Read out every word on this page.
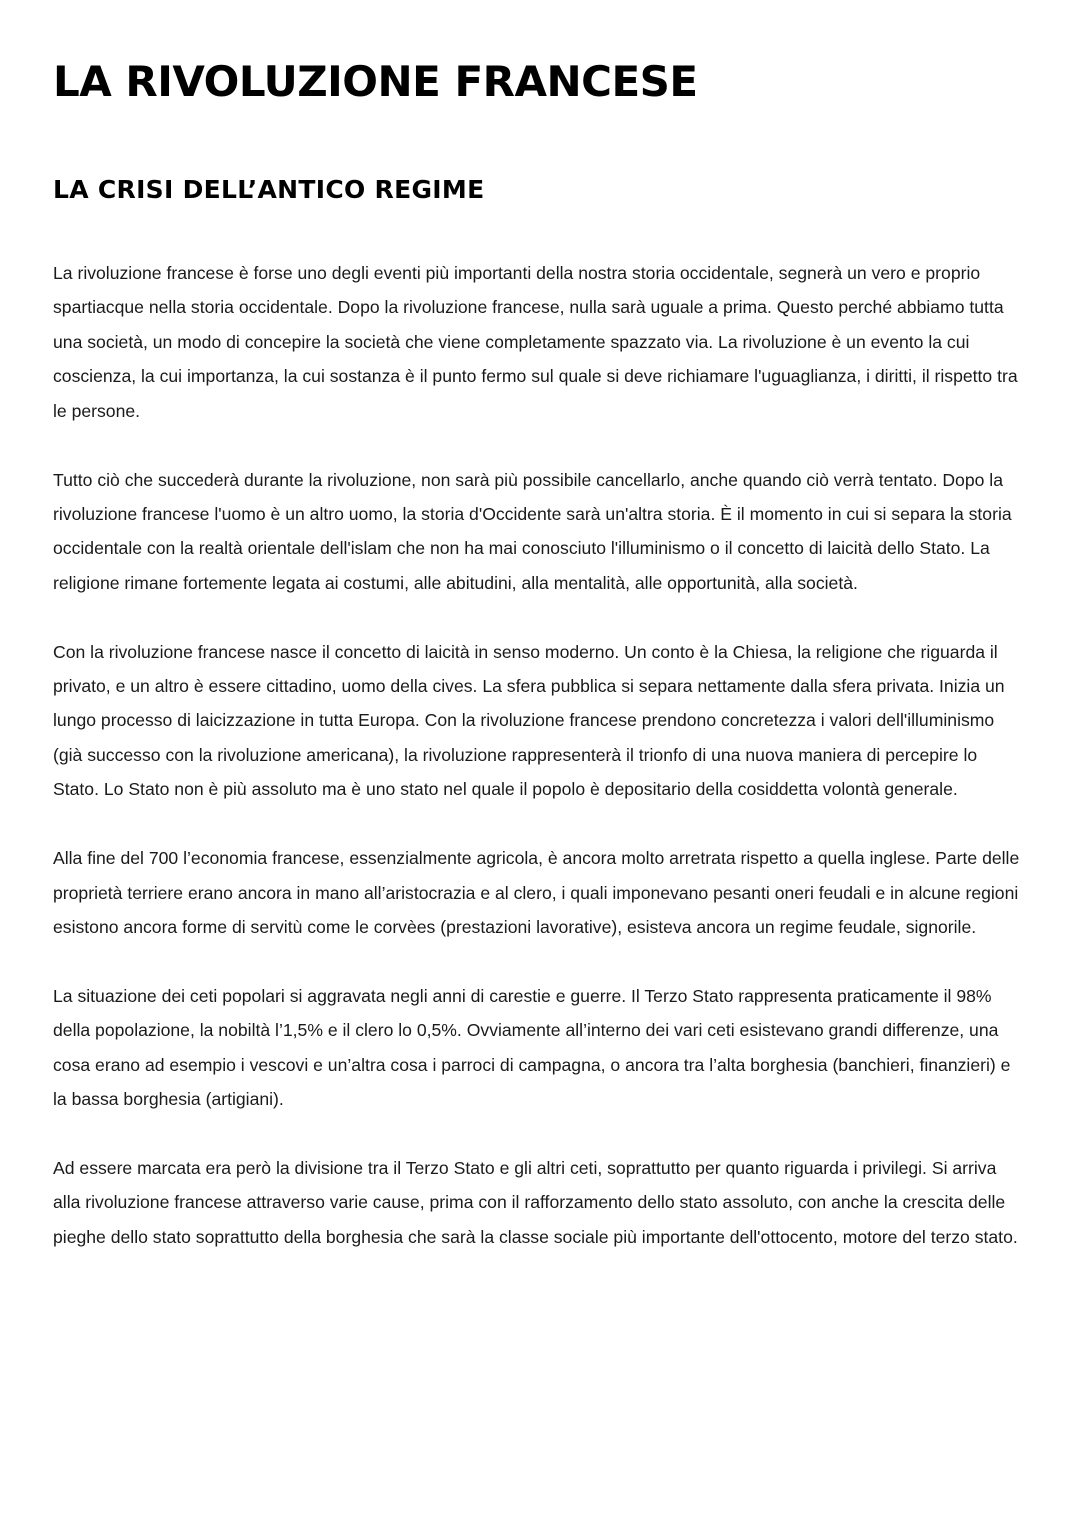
LA RIVOLUZIONE FRANCESE
LA CRISI DELL’ANTICO REGIME

La rivoluzione francese è forse uno degli eventi più importanti della nostra storia occidentale, segnerà un vero e proprio spartiacque nella storia occidentale. Dopo la rivoluzione francese, nulla sarà uguale a prima. Questo perché abbiamo tutta una società, un modo di concepire la società che viene completamente spazzato via. La rivoluzione è un evento la cui coscienza, la cui importanza, la cui sostanza è il punto fermo sul quale si deve richiamare l'uguaglianza, i diritti, il rispetto tra le persone.

Tutto ciò che succederà durante la rivoluzione, non sarà più possibile cancellarlo, anche quando ciò verrà tentato. Dopo la rivoluzione francese l'uomo è un altro uomo, la storia d'Occidente sarà un'altra storia. È il momento in cui si separa la storia occidentale con la realtà orientale dell'islam che non ha mai conosciuto l'illuminismo o il concetto di laicità dello Stato. La religione rimane fortemente legata ai costumi, alle abitudini, alla mentalità, alle opportunità, alla società.

Con la rivoluzione francese nasce il concetto di laicità in senso moderno. Un conto è la Chiesa, la religione che riguarda il privato, e un altro è essere cittadino, uomo della cives. La sfera pubblica si separa nettamente dalla sfera privata. Inizia un lungo processo di laicizzazione in tutta Europa. Con la rivoluzione francese prendono concretezza i valori dell'illuminismo (già successo con la rivoluzione americana), la rivoluzione rappresenterà il trionfo di una nuova maniera di percepire lo Stato. Lo Stato non è più assoluto ma è uno stato nel quale il popolo è depositario della cosiddetta volontà generale.

Alla fine del 700 l’economia francese, essenzialmente agricola, è ancora molto arretrata rispetto a quella inglese. Parte delle proprietà terriere erano ancora in mano all’aristocrazia e al clero, i quali imponevano pesanti oneri feudali e in alcune regioni esistono ancora forme di servitù come le corvèes (prestazioni lavorative), esisteva ancora un regime feudale, signorile.

La situazione dei ceti popolari si aggravata negli anni di carestie e guerre. Il Terzo Stato rappresenta praticamente il 98% della popolazione, la nobiltà l’1,5% e il clero lo 0,5%. Ovviamente all’interno dei vari ceti esistevano grandi differenze, una cosa erano ad esempio i vescovi e un’altra cosa i parroci di campagna, o ancora tra l’alta borghesia (banchieri, finanzieri) e la bassa borghesia (artigiani).

Ad essere marcata era però la divisione tra il Terzo Stato e gli altri ceti, soprattutto per quanto riguarda i privilegi. Si arriva alla rivoluzione francese attraverso varie cause, prima con il rafforzamento dello stato assoluto, con anche la crescita delle pieghe dello stato soprattutto della borghesia che sarà la classe sociale più importante dell'ottocento, motore del terzo stato.
